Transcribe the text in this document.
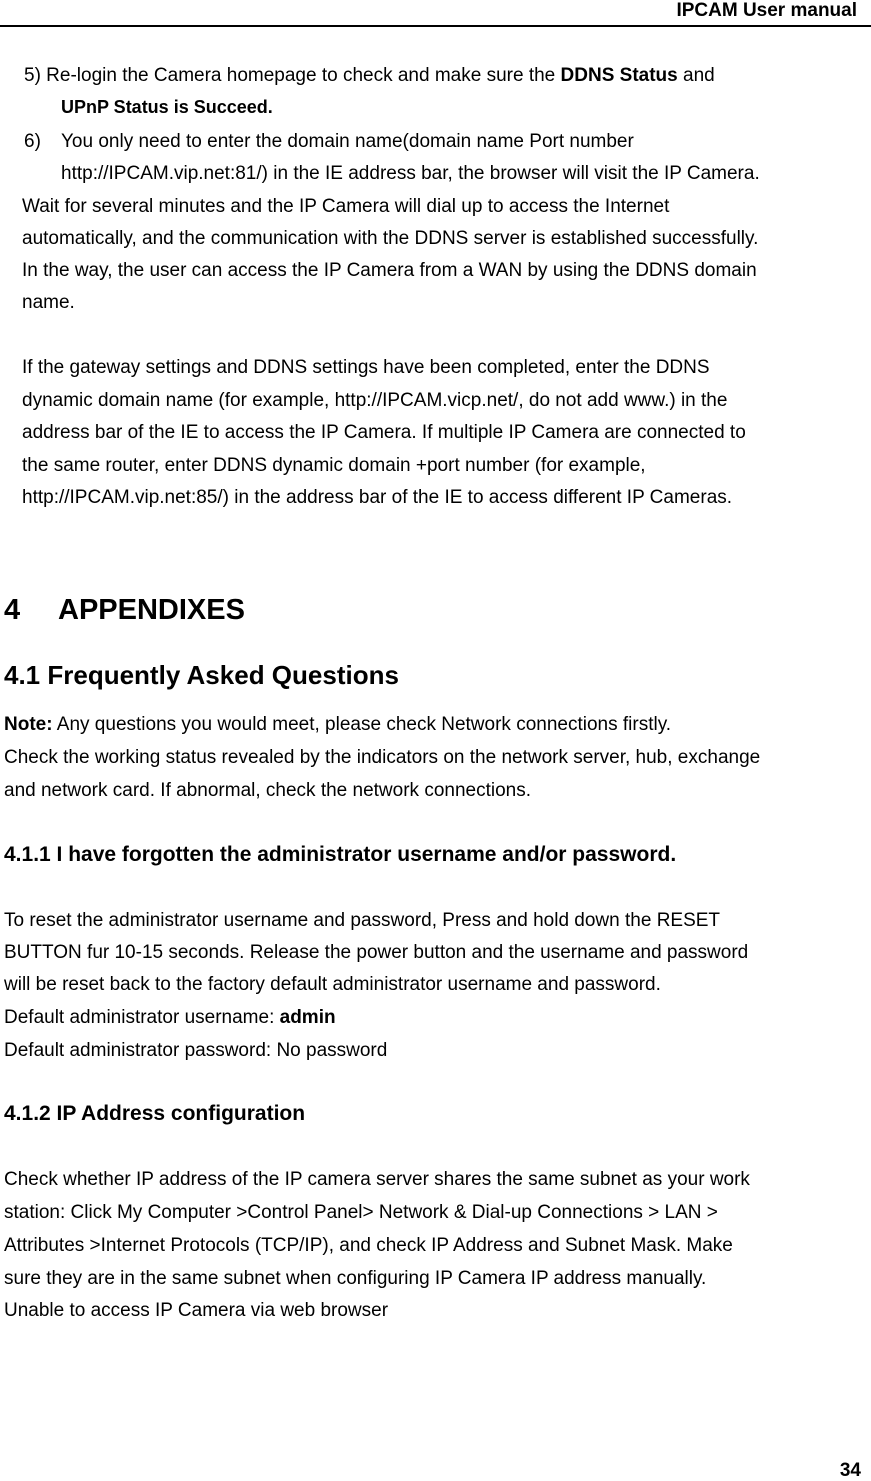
IPCAM User manual
5) Re-login the Camera homepage to check and make sure the DDNS Status and
UPnP Status is Succeed.
6) You only need to enter the domain name(domain name Port number
http://IPCAM.vip.net:81/) in the IE address bar, the browser will visit the IP Camera.
Wait for several minutes and the IP Camera will dial up to access the Internet
automatically, and the communication with the DDNS server is established successfully.
In the way, the user can access the IP Camera from a WAN by using the DDNS domain
name.
If the gateway settings and DDNS settings have been completed, enter the DDNS
dynamic domain name (for example, http://IPCAM.vicp.net/, do not add www.) in the
address bar of the IE to access the IP Camera. If multiple IP Camera are connected to
the same router, enter DDNS dynamic domain +port number (for example,
http://IPCAM.vip.net:85/) in the address bar of the IE to access different IP Cameras.
4 APPENDIXES
4.1 Frequently Asked Questions
Note: Any questions you would meet, please check Network connections firstly.
Check the working status revealed by the indicators on the network server, hub, exchange
and network card. If abnormal, check the network connections.
4.1.1 I have forgotten the administrator username and/or password.
To reset the administrator username and password, Press and hold down the RESET
BUTTON fur 10-15 seconds. Release the power button and the username and password
will be reset back to the factory default administrator username and password.
Default administrator username: admin
Default administrator password: No password
4.1.2 IP Address configuration
Check whether IP address of the IP camera server shares the same subnet as your work
station: Click My Computer >Control Panel> Network & Dial-up Connections > LAN >
Attributes >Internet Protocols (TCP/IP), and check IP Address and Subnet Mask. Make
sure they are in the same subnet when configuring IP Camera IP address manually.
Unable to access IP Camera via web browser
34
